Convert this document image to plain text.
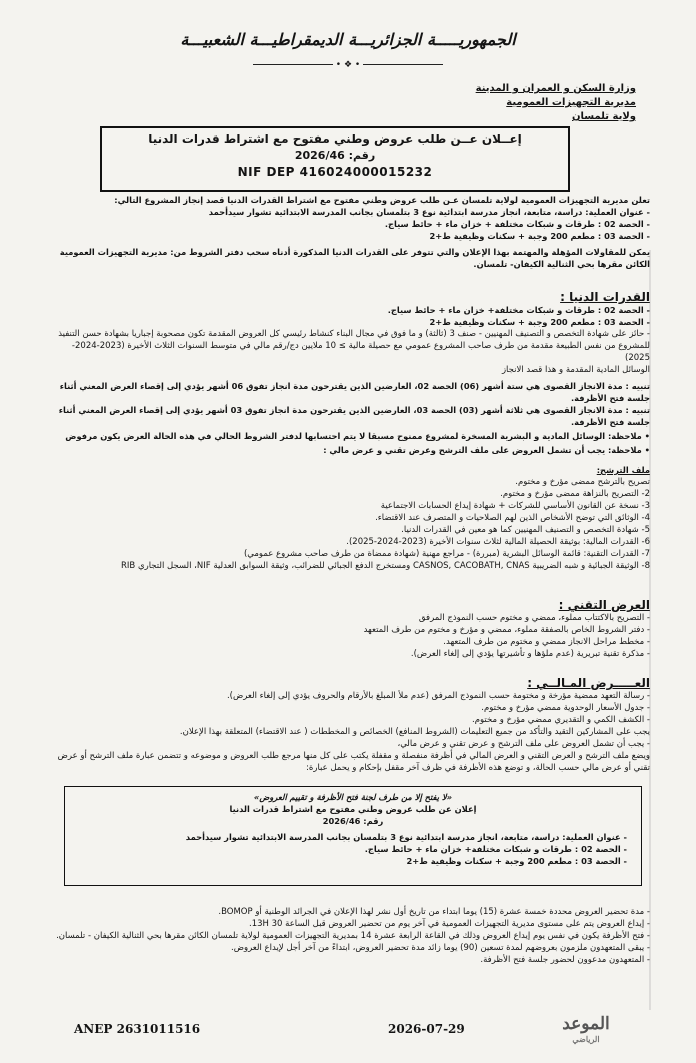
الجمهوريـــــة الجزائريـــة الديمقراطيـــة الشعبيـــة
• ❖ •
وزارة السكن و العمران و المدينة
مديرية التجهيزات العمومية
ولاية تلمسان
إعــلان عــن طلب عروض وطني مفتوح مع اشتراط قدرات الدنيا
رقم: 2026/46
NIF DEP 416024000015232
تعلن مديرية التجهيزات العمومية لولاية تلمسان عـن طلب عروض وطني مفتوح مع اشتراط القدرات الدنيا قصد إنجاز المشروع التالي:
- عنوان العملية: دراسة، متابعة، انجاز مدرسة ابتدائية نوع 3 بتلمسان بجانب المدرسة الابتدائية تشوار سيدأحمد
- الحصة 02 : طرقات و شبكات مختلفة + خزان ماء + حائط سياج.
- الحصة 03 : مطعم 200 وجبة + سكنات وظيفية ط+2
يمكن للمقاولات المؤهلة والمهتمة بهذا الإعلان والتي تتوفر على القدرات الدنيا المذكورة أدناه سحب دفتر الشروط من: مديرية التجهيزات العمومية الكائن مقرها بحي الثنالية الكيفان- تلمسان.
القدرات الدنيا :
- الحصة 02 : طرقات و شبكات مختلفة+ خزان ماء + حائط سياج.
- الحصة 03 : مطعم 200 وجبة + سكنات وظيفية ط+2
- حائز على شهادة التخصص و التصنيف المهنيين - صنف 3 (ثالثة) و ما فوق في مجال البناء كنشاط رئيسي كل العروض المقدمة تكون مصحوبة إجباريا بشهادة حسن التنفيذ للمشروع من نفس الطبيعة مقدمة من طرف صاحب المشروع عمومي مع حصيلة مالية ≥ 10 ملايين دج/رقم مالي في متوسط السنوات الثلاث الأخيرة (2023-2024-2025)
الوسائل المادية المقدمة و هذا قصد الانجاز
تنبيه : مدة الانجاز القصوى هي ستة أشهر (06) الحصة 02، العارضين الذين يقترحون مدة انجاز تفوق 06 أشهر يؤدي إلى إقصاء العرض المعني أثناء جلسة فتح الأظرفة.
تنبيه : مدة الانجاز القصوى هي ثلاثة أشهر (03) الحصة 03، العارضين الذين يقترحون مدة انجاز تفوق 03 أشهر يؤدي إلى إقصاء العرض المعني أثناء جلسة فتح الأظرفة.
• ملاحظة: الوسائل المادية و البشرية المسخرة لمشروع ممنوح مسبقا لا يتم احتسابها لدفتر الشروط الحالي في هذه الحالة العرض يكون مرفوض
• ملاحظة: يجب أن تشمل العروض على ملف الترشح وعرض تقني و عرض مالي :
ملف الترشح:
تصريح بالترشح ممضى مؤرخ و مختوم.
2- التصريح بالنزاهة ممضى مؤرخ و مختوم.
3- نسخة عن القانون الأساسي للشركات + شهادة إيداع الحسابات الاجتماعية
4- الوثائق التي توضح الأشخاص الذين لهم الصلاحيات و المتصرف عند الاقتضاء.
5- شهادة التخصص و التصنيف المهنيين كما هو معين في القدرات الدنيا.
6- القدرات المالية: بوثيقة الحصيلة المالية لثلاث سنوات الأخيرة (2023-2024-2025).
7- القدرات التقنية: قائمة الوسائل البشرية (مبررة) - مراجع مهنية (شهادة ممضاة من طرف صاحب مشروع عمومي)
8- الوثيقة الجبائية و شبه الضريبية CASNOS, CACOBATH, CNAS ومستخرج الدفع الجبائي للضرائب، وثيقة السوابق العدلية NIF، السجل التجاري RIB
العرض التقني :
- التصريح بالاكتتاب مملوء، ممضي و مختوم حسب النموذج المرفق
- دفتر الشروط الخاص بالصفقة مملوء، ممضي و مؤرخ و مختوم من طرف المتعهد
- مخطط مراحل الانجاز ممضي و مختوم من طرف المتعهد.
- مذكرة تقنية تبريرية (عدم ملؤها و تأشيرتها يؤدي إلى إلغاء العرض).
العـــــرض المـالــي :
- رسالة التعهد ممضية مؤرخة و مختومة حسب النموذج المرفق (عدم ملأ المبلغ بالأرقام والحروف يؤدي إلى إلغاء العرض).
- جدول الأسعار الوحدوية ممضي مؤرخ و مختوم.
- الكشف الكمي و التقديري ممضي مؤرخ و مختوم.
يجب على المشاركين التقيد والتأكد من جميع التعليمات (الشروط المنافع) الخصائص و المخططات ( عند الاقتضاء) المتعلقة بهذا الإعلان.
- يجب أن تشمل العروض على ملف الترشح و عرض تقني و عرض مالي،
ويضع ملف الترشح و العرض التقني و العرض المالي في أظرفة منفصلة و مقفلة يكتب على كل منها مرجع طلب العروض و موضوعه و تتضمن عبارة ملف الترشح أو عرض تقني أو عرض مالي حسب الحالة، و توضع هذه الأظرفة في ظرف آخر مقفل بإحكام و يحمل عبارة:
«لا يفتح إلا من طرف لجنة فتح الأظرفة و تقييم العروض»
إعلان عن طلب عروض وطني مفتوح مع اشتراط قدرات الدنيا
رقم: 2026/46
- عنوان العملية: دراسة، متابعة، انجاز مدرسة ابتدائية نوع 3 بتلمسان بجانب المدرسة الابتدائية تشوار سيدأحمد
- الحصة 02 : طرقات و شبكات مختلفة+ خزان ماء + حائط سياج.
- الحصة 03 : مطعم 200 وجبة + سكنات وظيفية ط+2
- مدة تحضير العروض محددة خمسة عشرة (15) يوما ابتداء من تاريخ أول نشر لهذا الإعلان في الجرائد الوطنية أو BOMOP.
- إيداع العروض يتم على مستوى مديرية التجهيزات العمومية في آخر يوم من تحضير العروض قبل الساعة 13H 30.
- فتح الأظرفة يكون في نفس يوم إيداع العروض وذلك في القاعة الرابعة عشرة 14 بمديرية التجهيزات العمومية لولاية تلمسان الكائن مقرها بحي الثنالية الكيفان - تلمسان.
- يبقى المتعهدون ملزمون بعروضهم لمدة تسعين (90) يوما زائد مدة تحضير العروض، ابتداءً من آخر أجل لإيداع العروض.
- المتعهدون مدعوون لحضور جلسة فتح الأظرفة.
ANEP 2631011516	2026-07-29	الموعد
الرياضي
